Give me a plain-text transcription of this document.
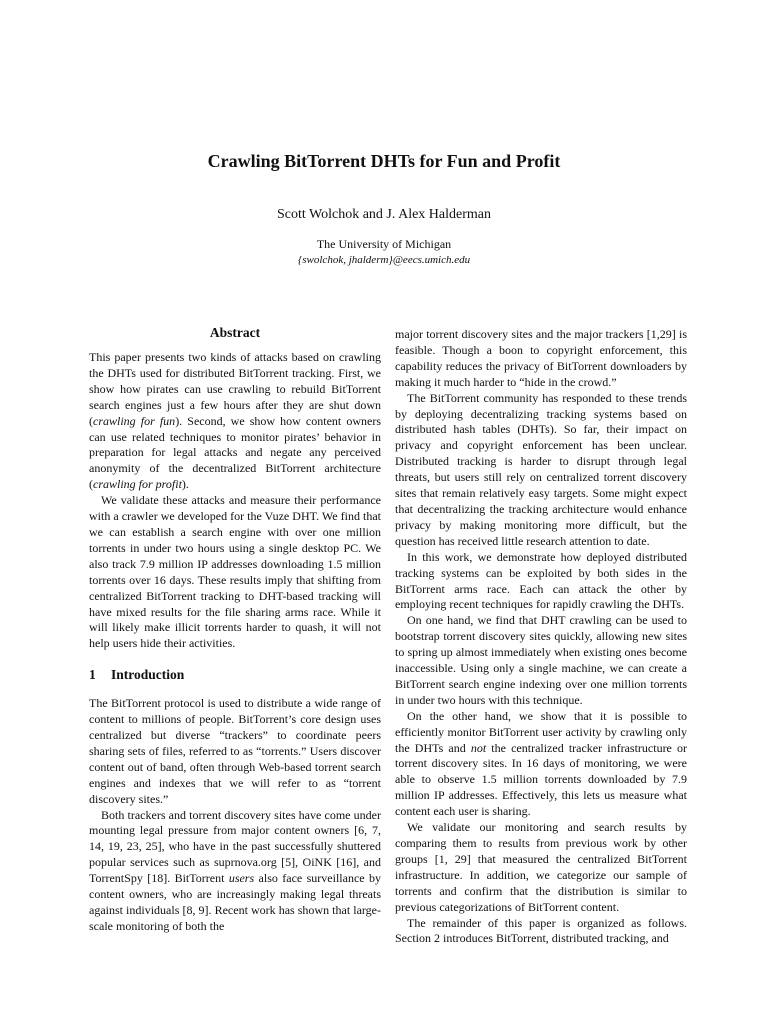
Crawling BitTorrent DHTs for Fun and Profit
Scott Wolchok and J. Alex Halderman
The University of Michigan
{swolchok, jhalderm}@eecs.umich.edu
Abstract

This paper presents two kinds of attacks based on crawling the DHTs used for distributed BitTorrent tracking. First, we show how pirates can use crawling to rebuild BitTorrent search engines just a few hours after they are shut down (crawling for fun). Second, we show how content owners can use related techniques to monitor pirates’ behavior in preparation for legal attacks and negate any perceived anonymity of the decentralized BitTorrent architecture (crawling for profit).

We validate these attacks and measure their performance with a crawler we developed for the Vuze DHT. We find that we can establish a search engine with over one million torrents in under two hours using a single desktop PC. We also track 7.9 million IP addresses downloading 1.5 million torrents over 16 days. These results imply that shifting from centralized BitTorrent tracking to DHT-based tracking will have mixed results for the file sharing arms race. While it will likely make illicit torrents harder to quash, it will not help users hide their activities.

1 Introduction

The BitTorrent protocol is used to distribute a wide range of content to millions of people. BitTorrent’s core design uses centralized but diverse “trackers” to coordinate peers sharing sets of files, referred to as “torrents.” Users discover content out of band, often through Web-based torrent search engines and indexes that we will refer to as “torrent discovery sites.”

Both trackers and torrent discovery sites have come under mounting legal pressure from major content owners [6, 7, 14, 19, 23, 25], who have in the past successfully shuttered popular services such as suprnova.org [5], OiNK [16], and TorrentSpy [18]. BitTorrent users also face surveillance by content owners, who are increasingly making legal threats against individuals [8, 9]. Recent work has shown that large-scale monitoring of both the

major torrent discovery sites and the major trackers [1,29] is feasible. Though a boon to copyright enforcement, this capability reduces the privacy of BitTorrent downloaders by making it much harder to “hide in the crowd.”

The BitTorrent community has responded to these trends by deploying decentralizing tracking systems based on distributed hash tables (DHTs). So far, their impact on privacy and copyright enforcement has been unclear. Distributed tracking is harder to disrupt through legal threats, but users still rely on centralized torrent discovery sites that remain relatively easy targets. Some might expect that decentralizing the tracking architecture would enhance privacy by making monitoring more difficult, but the question has received little research attention to date.

In this work, we demonstrate how deployed distributed tracking systems can be exploited by both sides in the BitTorrent arms race. Each can attack the other by employing recent techniques for rapidly crawling the DHTs.

On one hand, we find that DHT crawling can be used to bootstrap torrent discovery sites quickly, allowing new sites to spring up almost immediately when existing ones become inaccessible. Using only a single machine, we can create a BitTorrent search engine indexing over one million torrents in under two hours with this technique.

On the other hand, we show that it is possible to efficiently monitor BitTorrent user activity by crawling only the DHTs and not the centralized tracker infrastructure or torrent discovery sites. In 16 days of monitoring, we were able to observe 1.5 million torrents downloaded by 7.9 million IP addresses. Effectively, this lets us measure what content each user is sharing.

We validate our monitoring and search results by comparing them to results from previous work by other groups [1, 29] that measured the centralized BitTorrent infrastructure. In addition, we categorize our sample of torrents and confirm that the distribution is similar to previous categorizations of BitTorrent content.

The remainder of this paper is organized as follows. Section 2 introduces BitTorrent, distributed tracking, and
